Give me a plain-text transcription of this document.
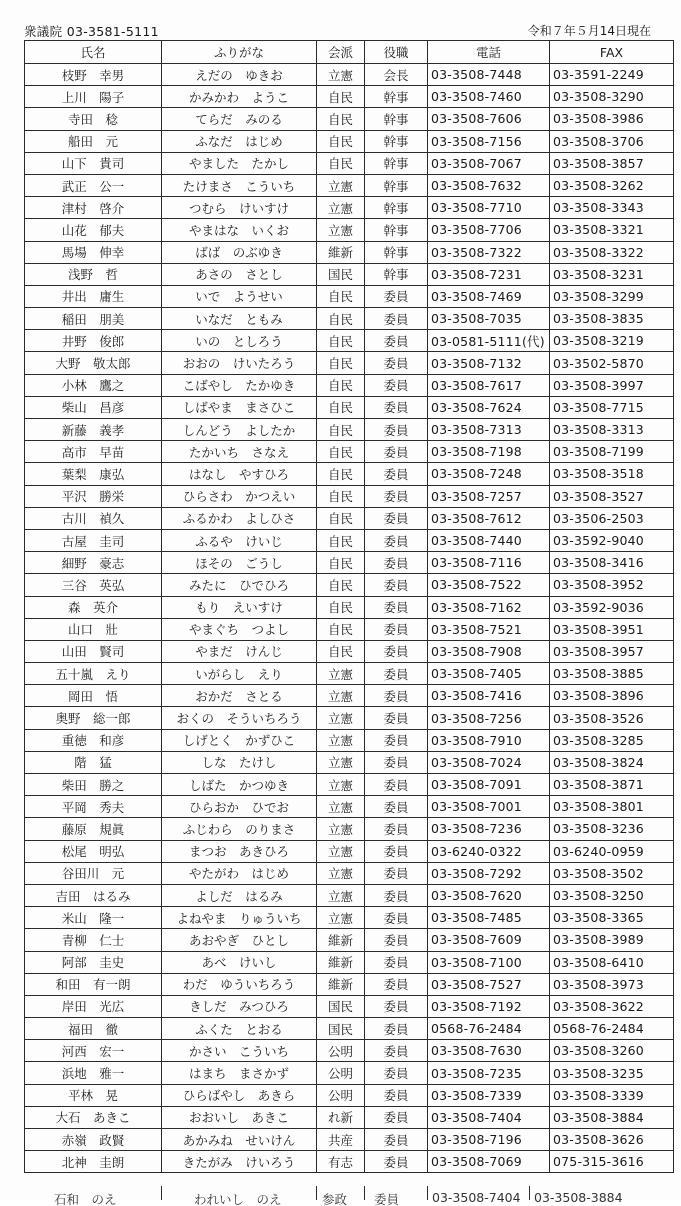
衆議院 03-3581-5111	令和７年５月14日現在
氏名	ふりがな	会派	役職	電話	FAX
枝野　幸男	えだの　ゆきお	立憲	会長	03-3508-7448	03-3591-2249
上川　陽子	かみかわ　ようこ	自民	幹事	03-3508-7460	03-3508-3290
寺田　稔	てらだ　みのる	自民	幹事	03-3508-7606	03-3508-3986
船田　元	ふなだ　はじめ	自民	幹事	03-3508-7156	03-3508-3706
山下　貴司	やました　たかし	自民	幹事	03-3508-7067	03-3508-3857
武正　公一	たけまさ　こういち	立憲	幹事	03-3508-7632	03-3508-3262
津村　啓介	つむら　けいすけ	立憲	幹事	03-3508-7710	03-3508-3343
山花　郁夫	やまはな　いくお	立憲	幹事	03-3508-7706	03-3508-3321
馬場　伸幸	ばば　のぶゆき	維新	幹事	03-3508-7322	03-3508-3322
浅野　哲	あさの　さとし	国民	幹事	03-3508-7231	03-3508-3231
井出　庸生	いで　ようせい	自民	委員	03-3508-7469	03-3508-3299
稲田　朋美	いなだ　ともみ	自民	委員	03-3508-7035	03-3508-3835
井野　俊郎	いの　としろう	自民	委員	03-0581-5111(代)	03-3508-3219
大野　敬太郎	おおの　けいたろう	自民	委員	03-3508-7132	03-3502-5870
小林　鷹之	こばやし　たかゆき	自民	委員	03-3508-7617	03-3508-3997
柴山　昌彦	しばやま　まさひこ	自民	委員	03-3508-7624	03-3508-7715
新藤　義孝	しんどう　よしたか	自民	委員	03-3508-7313	03-3508-3313
高市　早苗	たかいち　さなえ	自民	委員	03-3508-7198	03-3508-7199
葉梨　康弘	はなし　やすひろ	自民	委員	03-3508-7248	03-3508-3518
平沢　勝栄	ひらさわ　かつえい	自民	委員	03-3508-7257	03-3508-3527
古川　禎久	ふるかわ　よしひさ	自民	委員	03-3508-7612	03-3506-2503
古屋　圭司	ふるや　けいじ	自民	委員	03-3508-7440	03-3592-9040
細野　豪志	ほその　ごうし	自民	委員	03-3508-7116	03-3508-3416
三谷　英弘	みたに　ひでひろ	自民	委員	03-3508-7522	03-3508-3952
森　英介	もり　えいすけ	自民	委員	03-3508-7162	03-3592-9036
山口　壯	やまぐち　つよし	自民	委員	03-3508-7521	03-3508-3951
山田　賢司	やまだ　けんじ	自民	委員	03-3508-7908	03-3508-3957
五十嵐　えり	いがらし　えり	立憲	委員	03-3508-7405	03-3508-3885
岡田　悟	おかだ　さとる	立憲	委員	03-3508-7416	03-3508-3896
奥野　総一郎	おくの　そういちろう	立憲	委員	03-3508-7256	03-3508-3526
重徳　和彦	しげとく　かずひこ	立憲	委員	03-3508-7910	03-3508-3285
階　猛	しな　たけし	立憲	委員	03-3508-7024	03-3508-3824
柴田　勝之	しばた　かつゆき	立憲	委員	03-3508-7091	03-3508-3871
平岡　秀夫	ひらおか　ひでお	立憲	委員	03-3508-7001	03-3508-3801
藤原　規眞	ふじわら　のりまさ	立憲	委員	03-3508-7236	03-3508-3236
松尾　明弘	まつお　あきひろ	立憲	委員	03-6240-0322	03-6240-0959
谷田川　元	やたがわ　はじめ	立憲	委員	03-3508-7292	03-3508-3502
吉田　はるみ	よしだ　はるみ	立憲	委員	03-3508-7620	03-3508-3250
米山　隆一	よねやま　りゅういち	立憲	委員	03-3508-7485	03-3508-3365
青柳　仁士	あおやぎ　ひとし	維新	委員	03-3508-7609	03-3508-3989
阿部　圭史	あべ　けいし	維新	委員	03-3508-7100	03-3508-6410
和田　有一朗	わだ　ゆういちろう	維新	委員	03-3508-7527	03-3508-3973
岸田　光広	きしだ　みつひろ	国民	委員	03-3508-7192	03-3508-3622
福田　徹	ふくた　とおる	国民	委員	0568-76-2484	0568-76-2484
河西　宏一	かさい　こういち	公明	委員	03-3508-7630	03-3508-3260
浜地　雅一	はまち　まさかず	公明	委員	03-3508-7235	03-3508-3235
平林　晃	ひらばやし　あきら	公明	委員	03-3508-7339	03-3508-3339
大石　あきこ	おおいし　あきこ	れ新	委員	03-3508-7404	03-3508-3884
赤嶺　政賢	あかみね　せいけん	共産	委員	03-3508-7196	03-3508-3626
北神　圭朗	きたがみ　けいろう	有志	委員	03-3508-7069	075-315-3616
石和　のえ	われいし　のえ	参政 委員	03-3508-7404 03-3508-3884
